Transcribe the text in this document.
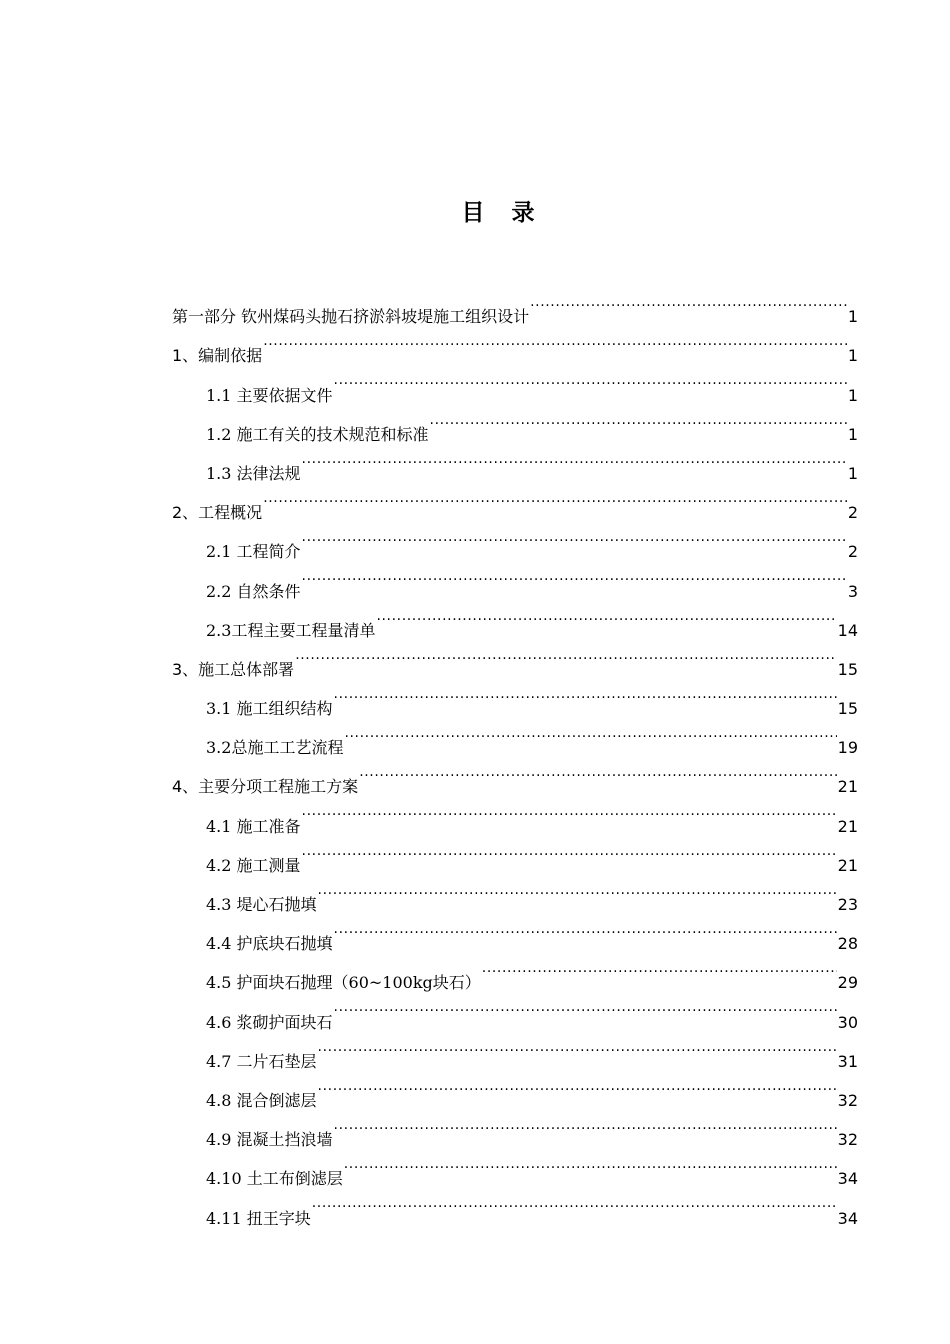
目　录
第一部分 钦州煤码头抛石挤淤斜坡堤施工组织设计 .....	1
1、编制依据 .....	1
1.1 主要依据文件 .....	1
1.2 施工有关的技术规范和标准 .....	1
1.3 法律法规 .....	1
2、工程概况 .....	2
2.1 工程简介 .....	2
2.2 自然条件 .....	3
2.3工程主要工程量清单 .....	14
3、施工总体部署 .....	15
3.1 施工组织结构 .....	15
3.2总施工工艺流程 .....	19
4、主要分项工程施工方案 .....	21
4.1 施工准备 .....	21
4.2 施工测量 .....	21
4.3 堤心石抛填 .....	23
4.4 护底块石抛填 .....	28
4.5 护面块石抛理（60~100kg块石） .....	29
4.6 浆砌护面块石 .....	30
4.7 二片石垫层 .....	31
4.8 混合倒滤层 .....	32
4.9 混凝土挡浪墙 .....	32
4.10 土工布倒滤层 .....	34
4.11 扭王字块 .....	34
